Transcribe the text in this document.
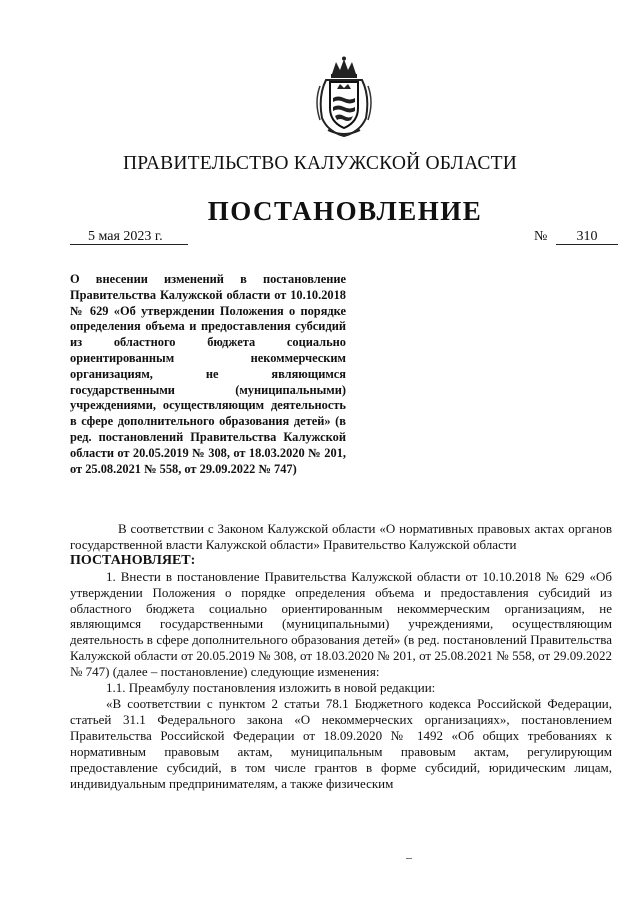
ПРАВИТЕЛЬСТВО КАЛУЖСКОЙ ОБЛАСТИ
ПОСТАНОВЛЕНИЕ
5 мая 2023 г.	№	310
О внесении изменений в постановление Правительства Калужской области от 10.10.2018 № 629 «Об утверждении Положения о порядке определения объема и предоставления субсидий из областного бюджета социально ориентированным некоммерческим организациям, не являющимся государственными (муниципальными) учреждениями, осуществляющим деятельность в сфере дополнительного образования детей» (в ред. постановлений Правительства Калужской области от 20.05.2019 № 308, от 18.03.2020 № 201, от 25.08.2021 № 558, от 29.09.2022 № 747)

В соответствии с Законом Калужской области «О нормативных правовых актах органов государственной власти Калужской области» Правительство Калужской области

ПОСТАНОВЛЯЕТ:

1. Внести в постановление Правительства Калужской области от 10.10.2018 № 629 «Об утверждении Положения о порядке определения объема и предоставления субсидий из областного бюджета социально ориентированным некоммерческим организациям, не являющимся государственными (муниципальными) учреждениями, осуществляющим деятельность в сфере дополнительного образования детей» (в ред. постановлений Правительства Калужской области от 20.05.2019 № 308, от 18.03.2020 № 201, от 25.08.2021 № 558, от 29.09.2022 № 747) (далее – постановление) следующие изменения:

1.1. Преамбулу постановления изложить в новой редакции:

«В соответствии с пунктом 2 статьи 78.1 Бюджетного кодекса Российской Федерации, статьей 31.1 Федерального закона «О некоммерческих организациях», постановлением Правительства Российской Федерации от 18.09.2020 № 1492 «Об общих требованиях к нормативным правовым актам, муниципальным правовым актам, регулирующим предоставление субсидий, в том числе грантов в форме субсидий, юридическим лицам, индивидуальным предпринимателям, а также физическим
